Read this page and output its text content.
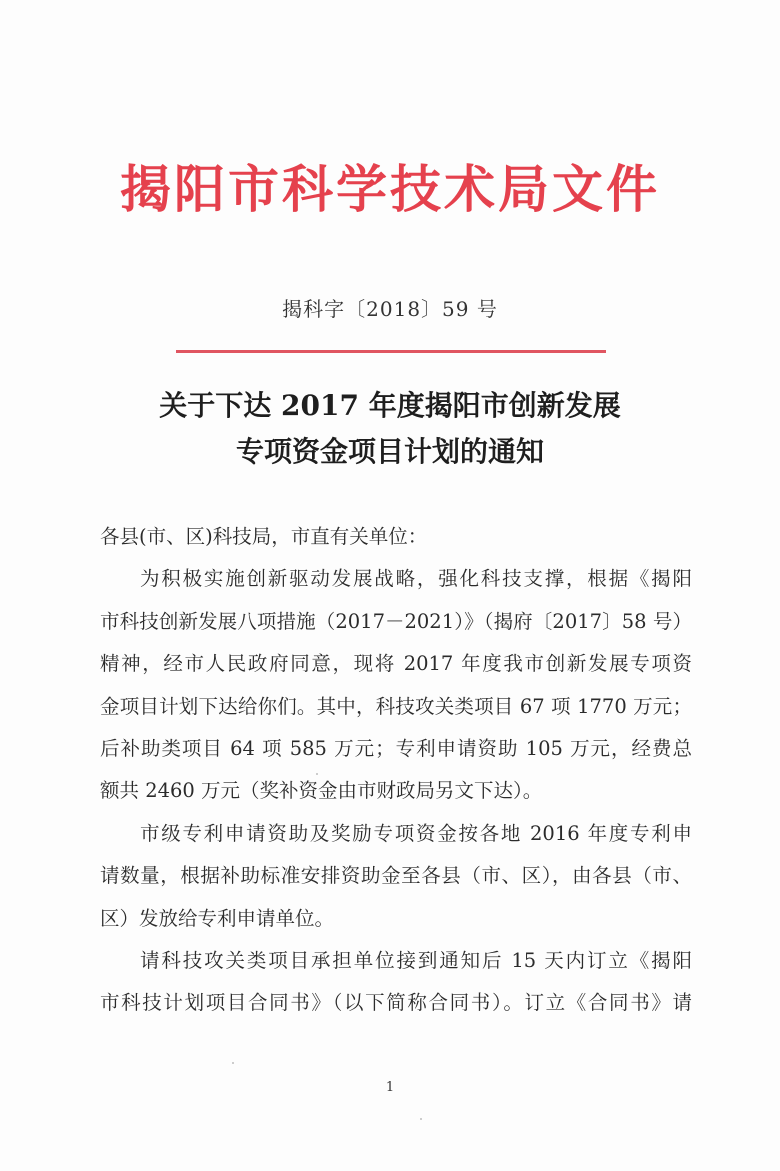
揭阳市科学技术局文件
揭科字〔2018〕59 号
关于下达 2017 年度揭阳市创新发展
专项资金项目计划的通知
各县(市、区)科技局，市直有关单位：
为积极实施创新驱动发展战略，强化科技支撑，根据《揭阳
市科技创新发展八项措施（2017－2021）》（揭府〔2017〕58 号）
精神，经市人民政府同意，现将 2017 年度我市创新发展专项资
金项目计划下达给你们。其中，科技攻关类项目 67 项 1770 万元；
后补助类项目 64 项 585 万元；专利申请资助 105 万元，经费总
额共 2460 万元（奖补资金由市财政局另文下达）。
市级专利申请资助及奖励专项资金按各地 2016 年度专利申
请数量，根据补助标准安排资助金至各县（市、区），由各县（市、
区）发放给专利申请单位。
请科技攻关类项目承担单位接到通知后 15 天内订立《揭阳
市科技计划项目合同书》（以下简称合同书）。订立《合同书》请
1
